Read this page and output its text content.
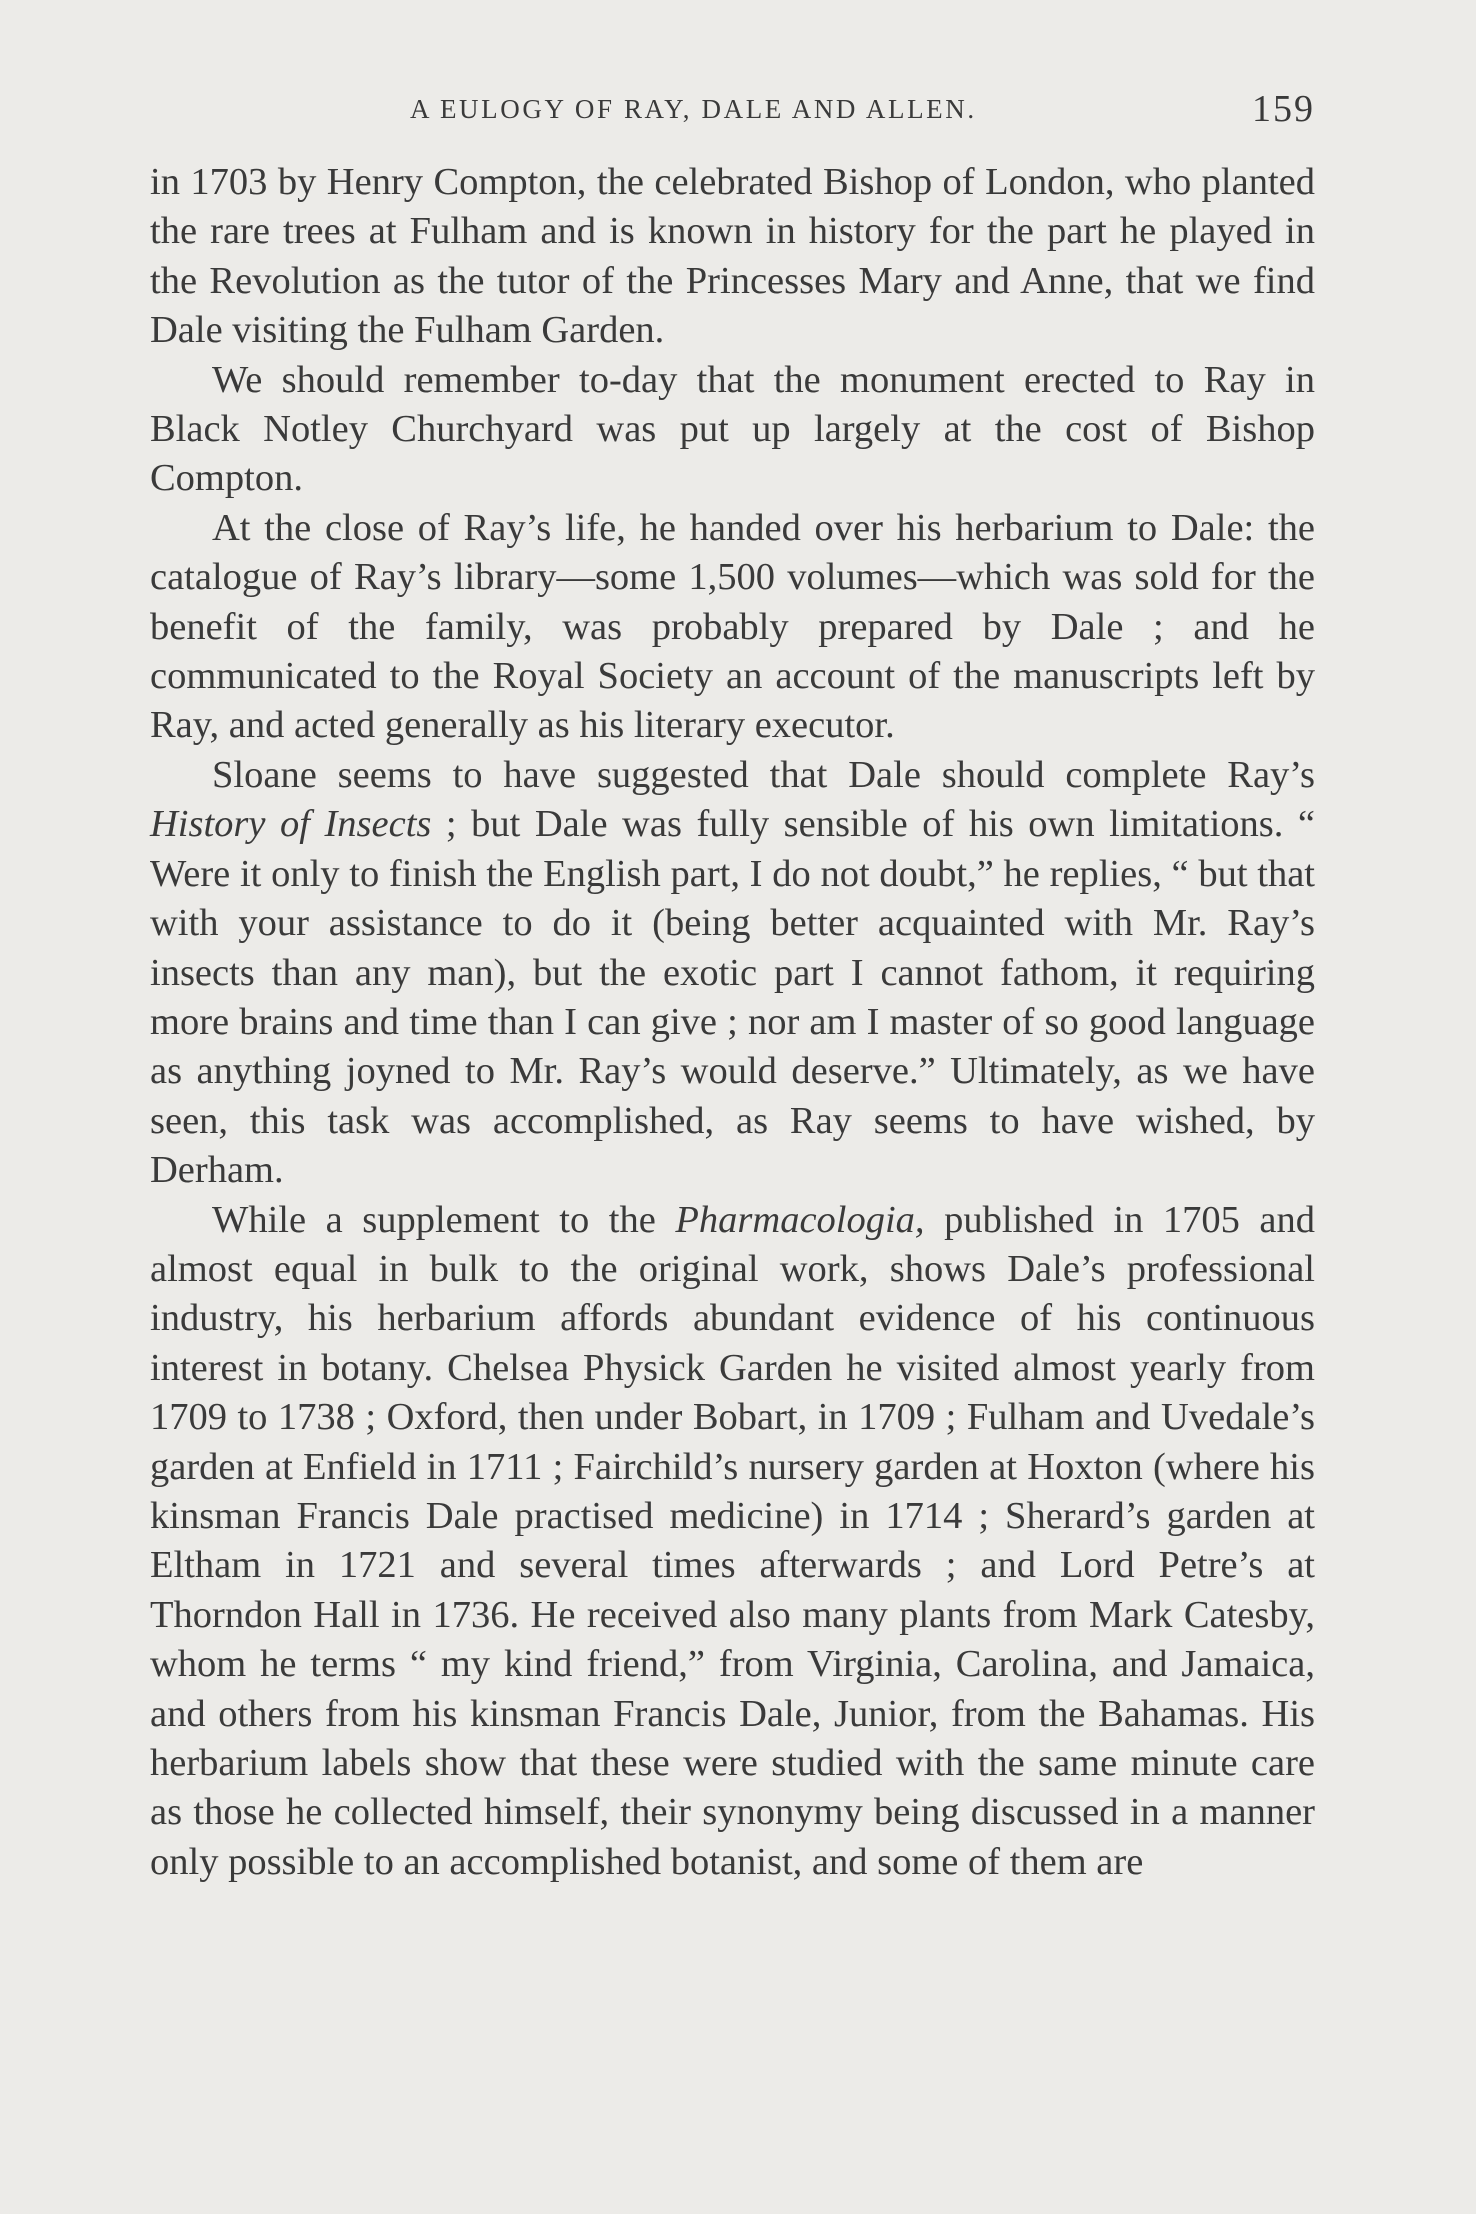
A EULOGY OF RAY, DALE AND ALLEN.	159

in 1703 by Henry Compton, the celebrated Bishop of London, who planted the rare trees at Fulham and is known in history for the part he played in the Revolution as the tutor of the Princesses Mary and Anne, that we find Dale visiting the Fulham Garden.

We should remember to-day that the monument erected to Ray in Black Notley Churchyard was put up largely at the cost of Bishop Compton.

At the close of Ray’s life, he handed over his herbarium to Dale: the catalogue of Ray’s library—some 1,500 volumes—which was sold for the benefit of the family, was probably prepared by Dale ; and he communicated to the Royal Society an account of the manuscripts left by Ray, and acted generally as his literary executor.

Sloane seems to have suggested that Dale should complete Ray’s History of Insects ; but Dale was fully sensible of his own limitations. “ Were it only to finish the English part, I do not doubt,” he replies, “ but that with your assistance to do it (being better acquainted with Mr. Ray’s insects than any man), but the exotic part I cannot fathom, it requiring more brains and time than I can give ; nor am I master of so good language as anything joyned to Mr. Ray’s would deserve.” Ultimately, as we have seen, this task was accomplished, as Ray seems to have wished, by Derham.

While a supplement to the Pharmacologia, published in 1705 and almost equal in bulk to the original work, shows Dale’s professional industry, his herbarium affords abundant evidence of his continuous interest in botany. Chelsea Physick Garden he visited almost yearly from 1709 to 1738 ; Oxford, then under Bobart, in 1709 ; Fulham and Uvedale’s garden at Enfield in 1711 ; Fairchild’s nursery garden at Hoxton (where his kinsman Francis Dale practised medicine) in 1714 ; Sherard’s garden at Eltham in 1721 and several times afterwards ; and Lord Petre’s at Thorndon Hall in 1736. He received also many plants from Mark Catesby, whom he terms “ my kind friend,” from Virginia, Carolina, and Jamaica, and others from his kinsman Francis Dale, Junior, from the Bahamas. His herbarium labels show that these were studied with the same minute care as those he collected himself, their synonymy being discussed in a manner only possible to an accomplished botanist, and some of them are
